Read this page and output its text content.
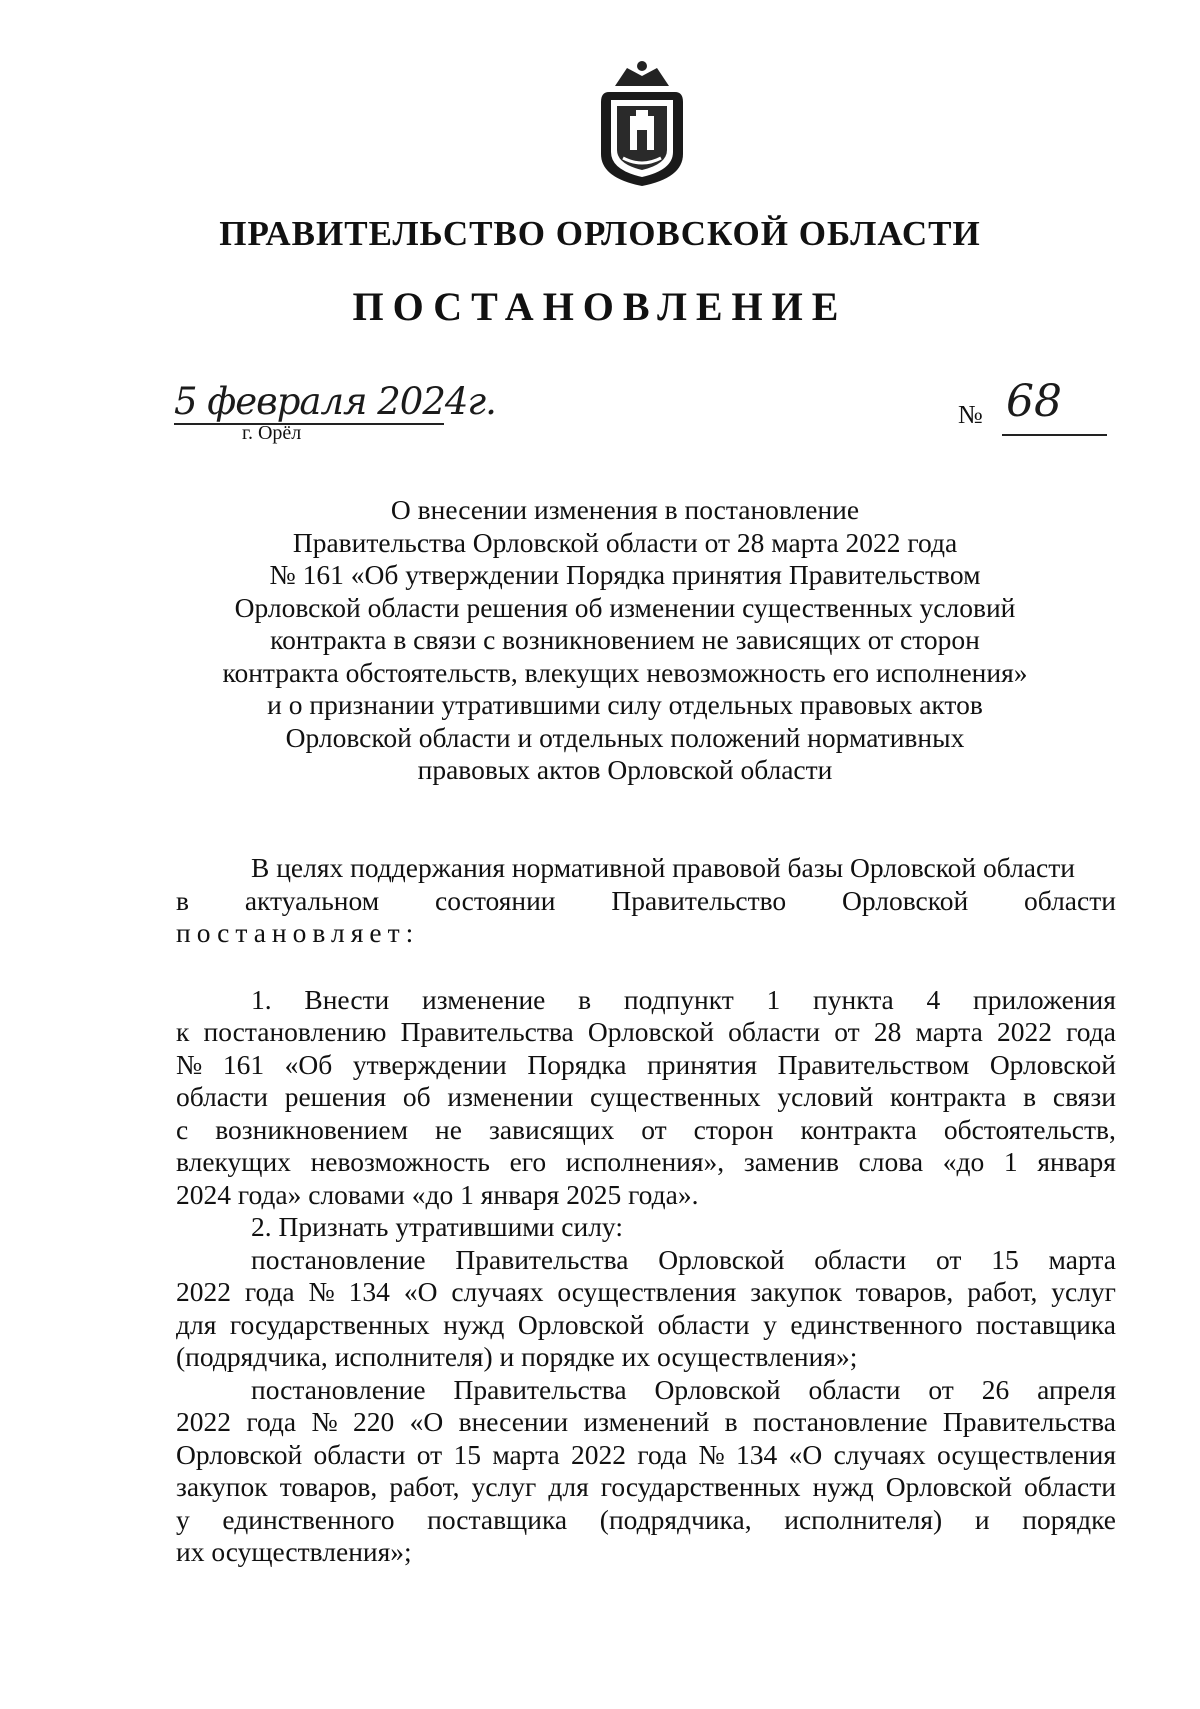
ПРАВИТЕЛЬСТВО ОРЛОВСКОЙ ОБЛАСТИ
ПОСТАНОВЛЕНИЕ
5 февраля 2024г.
г. Орёл
№ 68
О внесении изменения в постановление
Правительства Орловской области от 28 марта 2022 года
№ 161 «Об утверждении Порядка принятия Правительством
Орловской области решения об изменении существенных условий
контракта в связи с возникновением не зависящих от сторон
контракта обстоятельств, влекущих невозможность его исполнения»
и о признании утратившими силу отдельных правовых актов
Орловской области и отдельных положений нормативных
правовых актов Орловской области
В целях поддержания нормативной правовой базы Орловской области
в актуальном состоянии Правительство Орловской области
постановляет:
1. Внести изменение в подпункт 1 пункта 4 приложения
к постановлению Правительства Орловской области от 28 марта 2022 года
№ 161 «Об утверждении Порядка принятия Правительством Орловской
области решения об изменении существенных условий контракта в связи
с возникновением не зависящих от сторон контракта обстоятельств,
влекущих невозможность его исполнения», заменив слова «до 1 января
2024 года» словами «до 1 января 2025 года».
2. Признать утратившими силу:
постановление Правительства Орловской области от 15 марта
2022 года № 134 «О случаях осуществления закупок товаров, работ, услуг
для государственных нужд Орловской области у единственного поставщика
(подрядчика, исполнителя) и порядке их осуществления»;
постановление Правительства Орловской области от 26 апреля
2022 года № 220 «О внесении изменений в постановление Правительства
Орловской области от 15 марта 2022 года № 134 «О случаях осуществления
закупок товаров, работ, услуг для государственных нужд Орловской области
у единственного поставщика (подрядчика, исполнителя) и порядке
их осуществления»;
